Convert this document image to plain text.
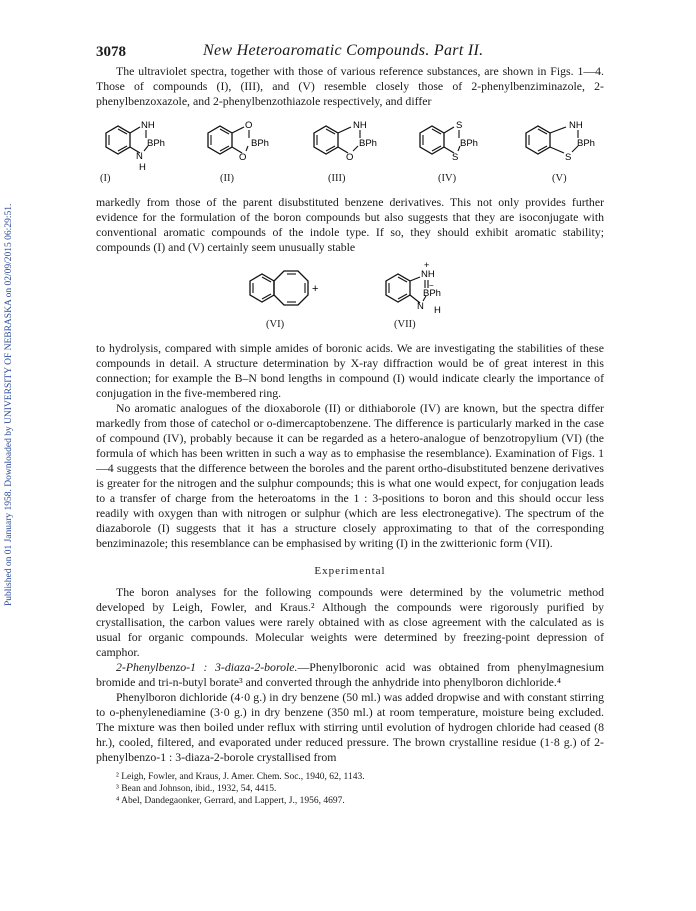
Published on 01 January 1958. Downloaded by UNIVERSITY OF NEBRASKA on 02/09/2015 06:29:51.
3078	New Heteroaromatic Compounds. Part II.

The ultraviolet spectra, together with those of various reference substances, are shown in Figs. 1—4. Those of compounds (I), (III), and (V) resemble closely those of 2-phenylbenziminazole, 2-phenylbenzoxazole, and 2-phenylbenzothiazole respectively, and differ

NH
BPh
N
H
(I)
O
BPh
O
(II)
NH
BPh
O
(III)
S
BPh
S
(IV)
NH
BPh
S
(V)

markedly from those of the parent disubstituted benzene derivatives. This not only provides further evidence for the formulation of the boron compounds but also suggests that they are isoconjugate with conventional aromatic compounds of the indole type. If so, they should exhibit aromatic stability; compounds (I) and (V) certainly seem unusually stable

+
(VI)
+
NH
−
BPh
N H
(VII)

to hydrolysis, compared with simple amides of boronic acids. We are investigating the stabilities of these compounds in detail. A structure determination by X-ray diffraction would be of great interest in this connection; for example the B–N bond lengths in compound (I) would indicate clearly the importance of conjugation in the five-membered ring.

No aromatic analogues of the dioxaborole (II) or dithiaborole (IV) are known, but the spectra differ markedly from those of catechol or o-dimercaptobenzene. The difference is particularly marked in the case of compound (IV), probably because it can be regarded as a hetero-analogue of benzotropylium (VI) (the formula of which has been written in such a way as to emphasise the resemblance). Examination of Figs. 1—4 suggests that the difference between the boroles and the parent ortho-disubstituted benzene derivatives is greater for the nitrogen and the sulphur compounds; this is what one would expect, for conjugation leads to a transfer of charge from the heteroatoms in the 1 : 3-positions to boron and this should occur less readily with oxygen than with nitrogen or sulphur (which are less electronegative). The spectrum of the diazaborole (I) suggests that it has a structure closely approximating to that of the corresponding benziminazole; this resemblance can be emphasised by writing (I) in the zwitterionic form (VII).

Experimental

The boron analyses for the following compounds were determined by the volumetric method developed by Leigh, Fowler, and Kraus.² Although the compounds were rigorously purified by crystallisation, the carbon values were rarely obtained with as close agreement with the calculated as is usual for organic compounds. Molecular weights were determined by freezing-point depression of camphor.

2-Phenylbenzo-1 : 3-diaza-2-borole.—Phenylboronic acid was obtained from phenylmagnesium bromide and tri-n-butyl borate³ and converted through the anhydride into phenylboron dichloride.⁴

Phenylboron dichloride (4·0 g.) in dry benzene (50 ml.) was added dropwise and with constant stirring to o-phenylenediamine (3·0 g.) in dry benzene (350 ml.) at room temperature, moisture being excluded. The mixture was then boiled under reflux with stirring until evolution of hydrogen chloride had ceased (8 hr.), cooled, filtered, and evaporated under reduced pressure. The brown crystalline residue (1·8 g.) of 2-phenylbenzo-1 : 3-diaza-2-borole crystallised from

² Leigh, Fowler, and Kraus, J. Amer. Chem. Soc., 1940, 62, 1143.
³ Bean and Johnson, ibid., 1932, 54, 4415.
⁴ Abel, Dandegaonker, Gerrard, and Lappert, J., 1956, 4697.
